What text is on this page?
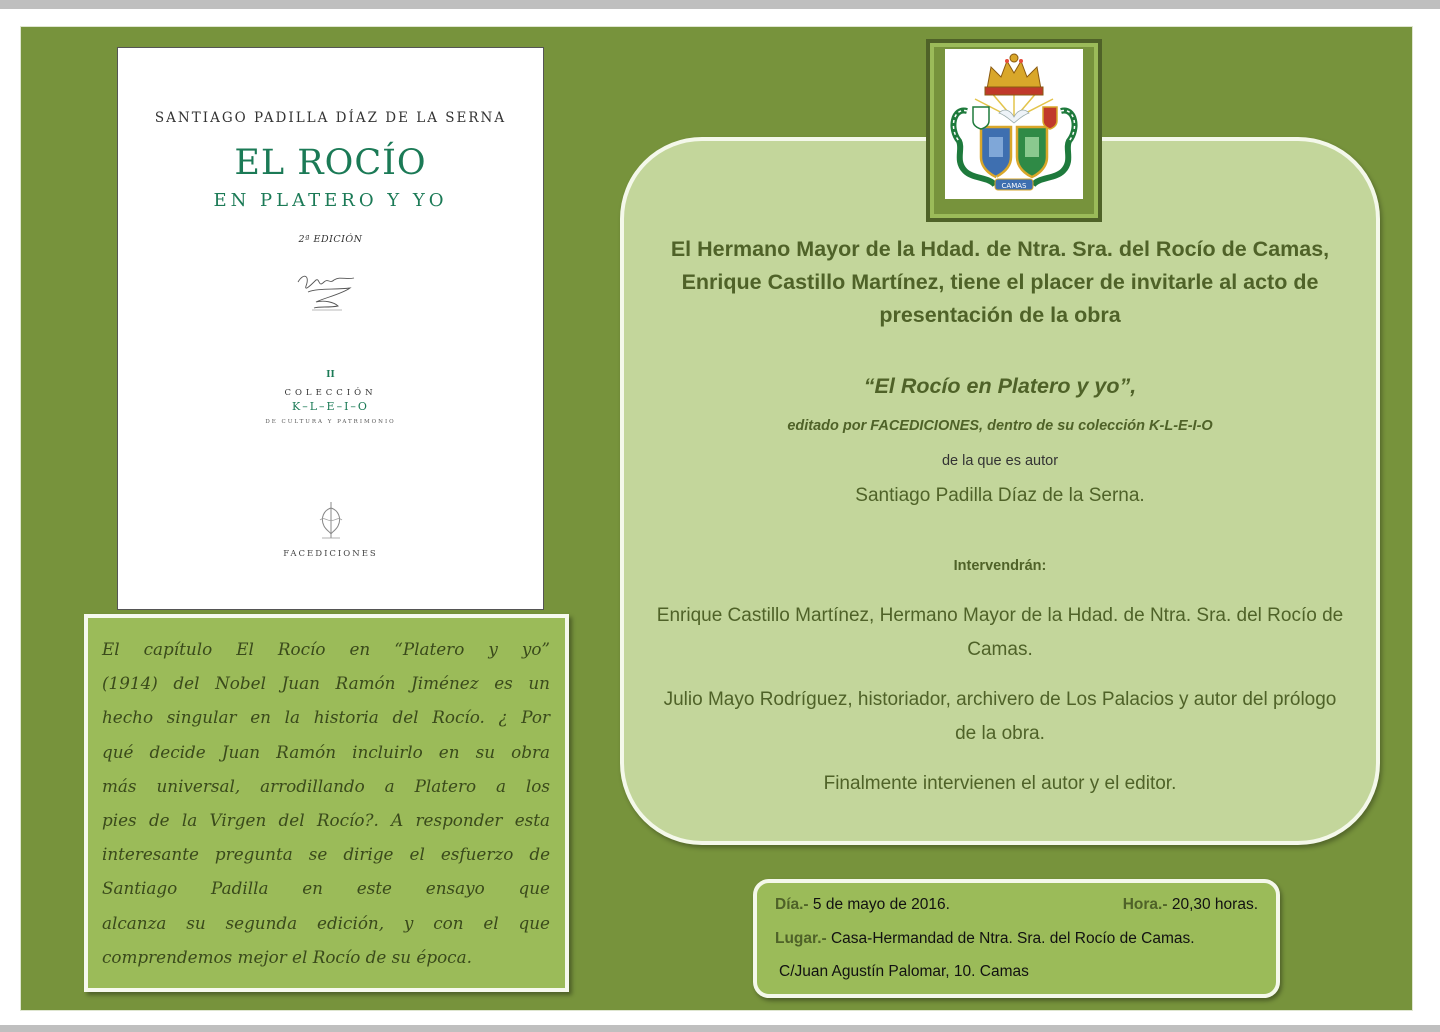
SANTIAGO PADILLA DÍAZ DE LA SERNA
EL ROCÍO
EN PLATERO Y YO
2ª EDICIÓN
II
COLECCIÓN
K–L–E–I–O
DE CULTURA Y PATRIMONIO
FACEDICIONES

El capítulo El Rocío en “Platero y yo”
(1914) del Nobel Juan Ramón Jiménez es un
hecho singular en la historia del Rocío. ¿ Por
qué decide Juan Ramón incluirlo en su obra
más universal, arrodillando a Platero a los
pies de la Virgen del Rocío?. A responder esta
interesante pregunta se dirige el esfuerzo de
Santiago Padilla en este ensayo que
alcanza su segunda edición, y con el que
comprendemos mejor el Rocío de su época.

El Hermano Mayor de la Hdad. de Ntra. Sra. del Rocío de Camas, Enrique Castillo Martínez, tiene el placer de invitarle al acto de presentación de la obra
“El Rocío en Platero y yo”,
editado por FACEDICIONES, dentro de su colección K-L-E-I-O
de la que es autor
Santiago Padilla Díaz de la Serna.
Intervendrán:
Enrique Castillo Martínez, Hermano Mayor de la Hdad. de Ntra. Sra. del Rocío de Camas.
Julio Mayo Rodríguez, historiador, archivero de Los Palacios y autor del prólogo de la obra.
Finalmente intervienen el autor y el editor.
CAMAS
Día.- 5 de mayo de 2016.	Hora.- 20,30 horas.
Lugar.- Casa-Hermandad de Ntra. Sra. del Rocío de Camas.
C/Juan Agustín Palomar, 10. Camas
